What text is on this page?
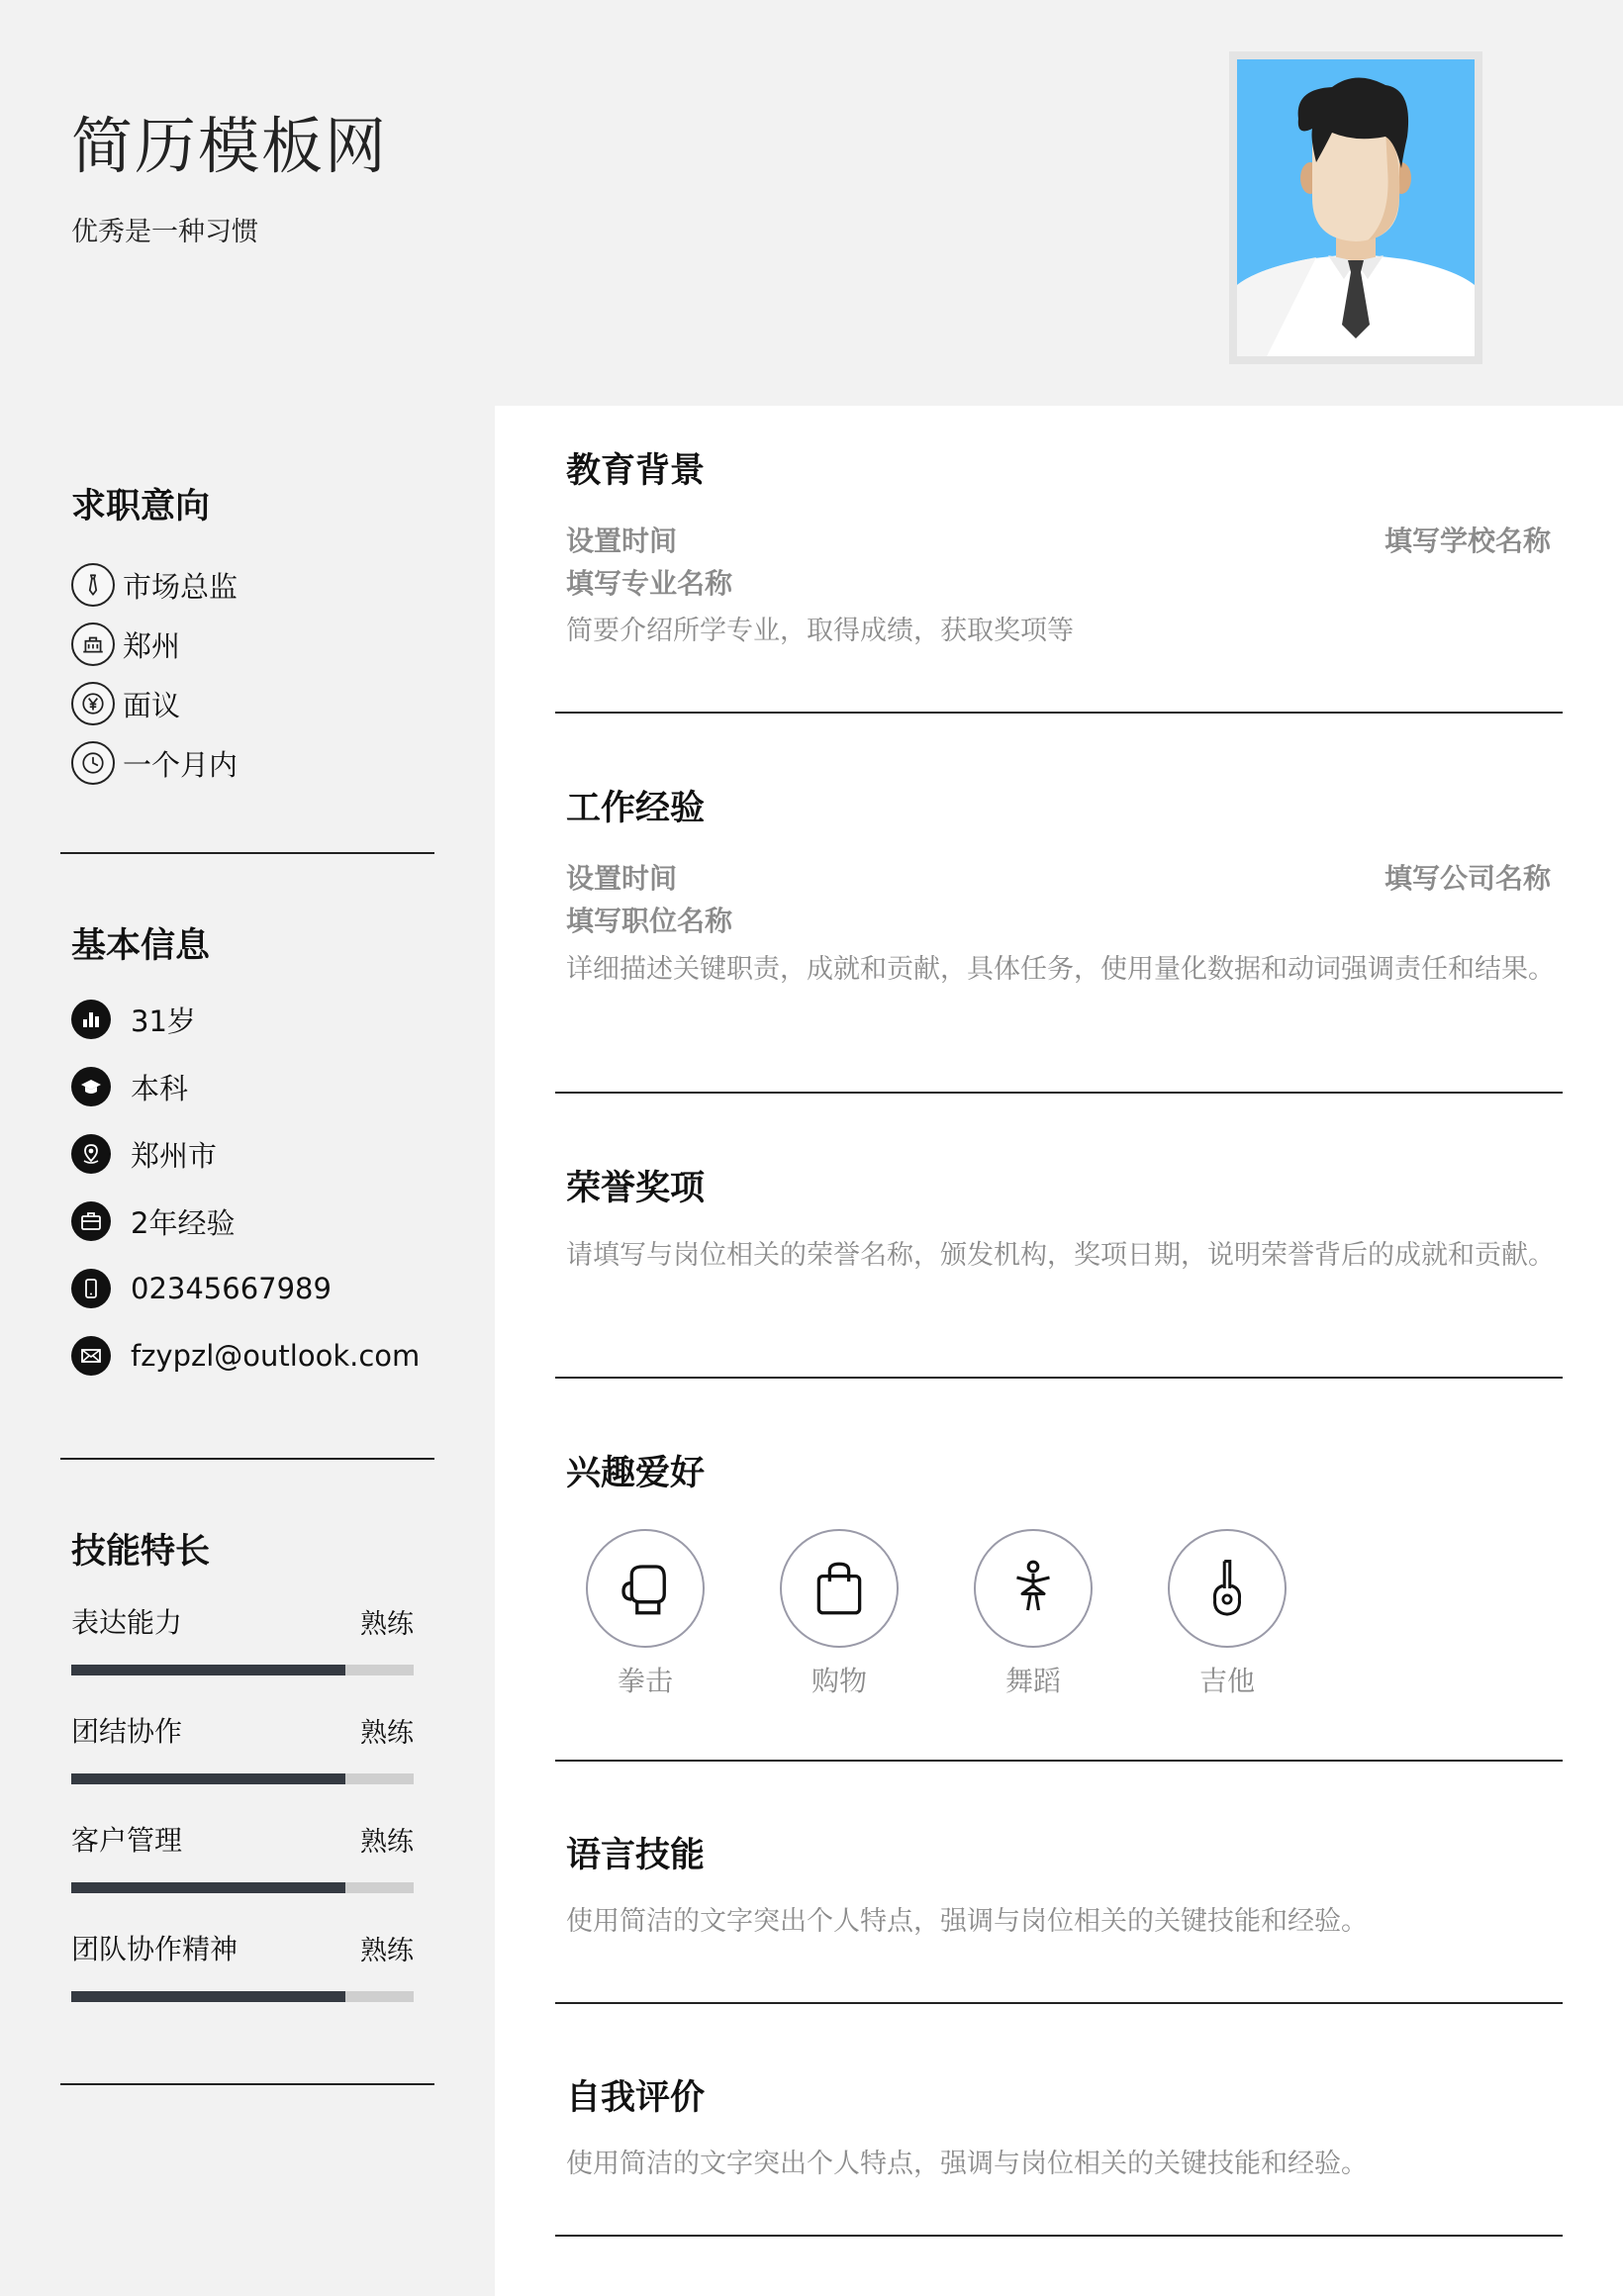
简历模板网
优秀是一种习惯
求职意向
市场总监
郑州
面议
一个月内
基本信息
31岁
本科
郑州市
2年经验
02345667989
fzypzl@outlook.com
技能特长
表达能力	熟练
团结协作	熟练
客户管理	熟练
团队协作精神	熟练
教育背景
设置时间	填写学校名称
填写专业名称
简要介绍所学专业，取得成绩，获取奖项等
工作经验
设置时间	填写公司名称
填写职位名称
详细描述关键职责，成就和贡献，具体任务，使用量化数据和动词强调责任和结果。
荣誉奖项
请填写与岗位相关的荣誉名称，颁发机构，奖项日期，说明荣誉背后的成就和贡献。
兴趣爱好
拳击	购物	舞蹈	吉他
语言技能
使用简洁的文字突出个人特点，强调与岗位相关的关键技能和经验。
自我评价
使用简洁的文字突出个人特点，强调与岗位相关的关键技能和经验。
